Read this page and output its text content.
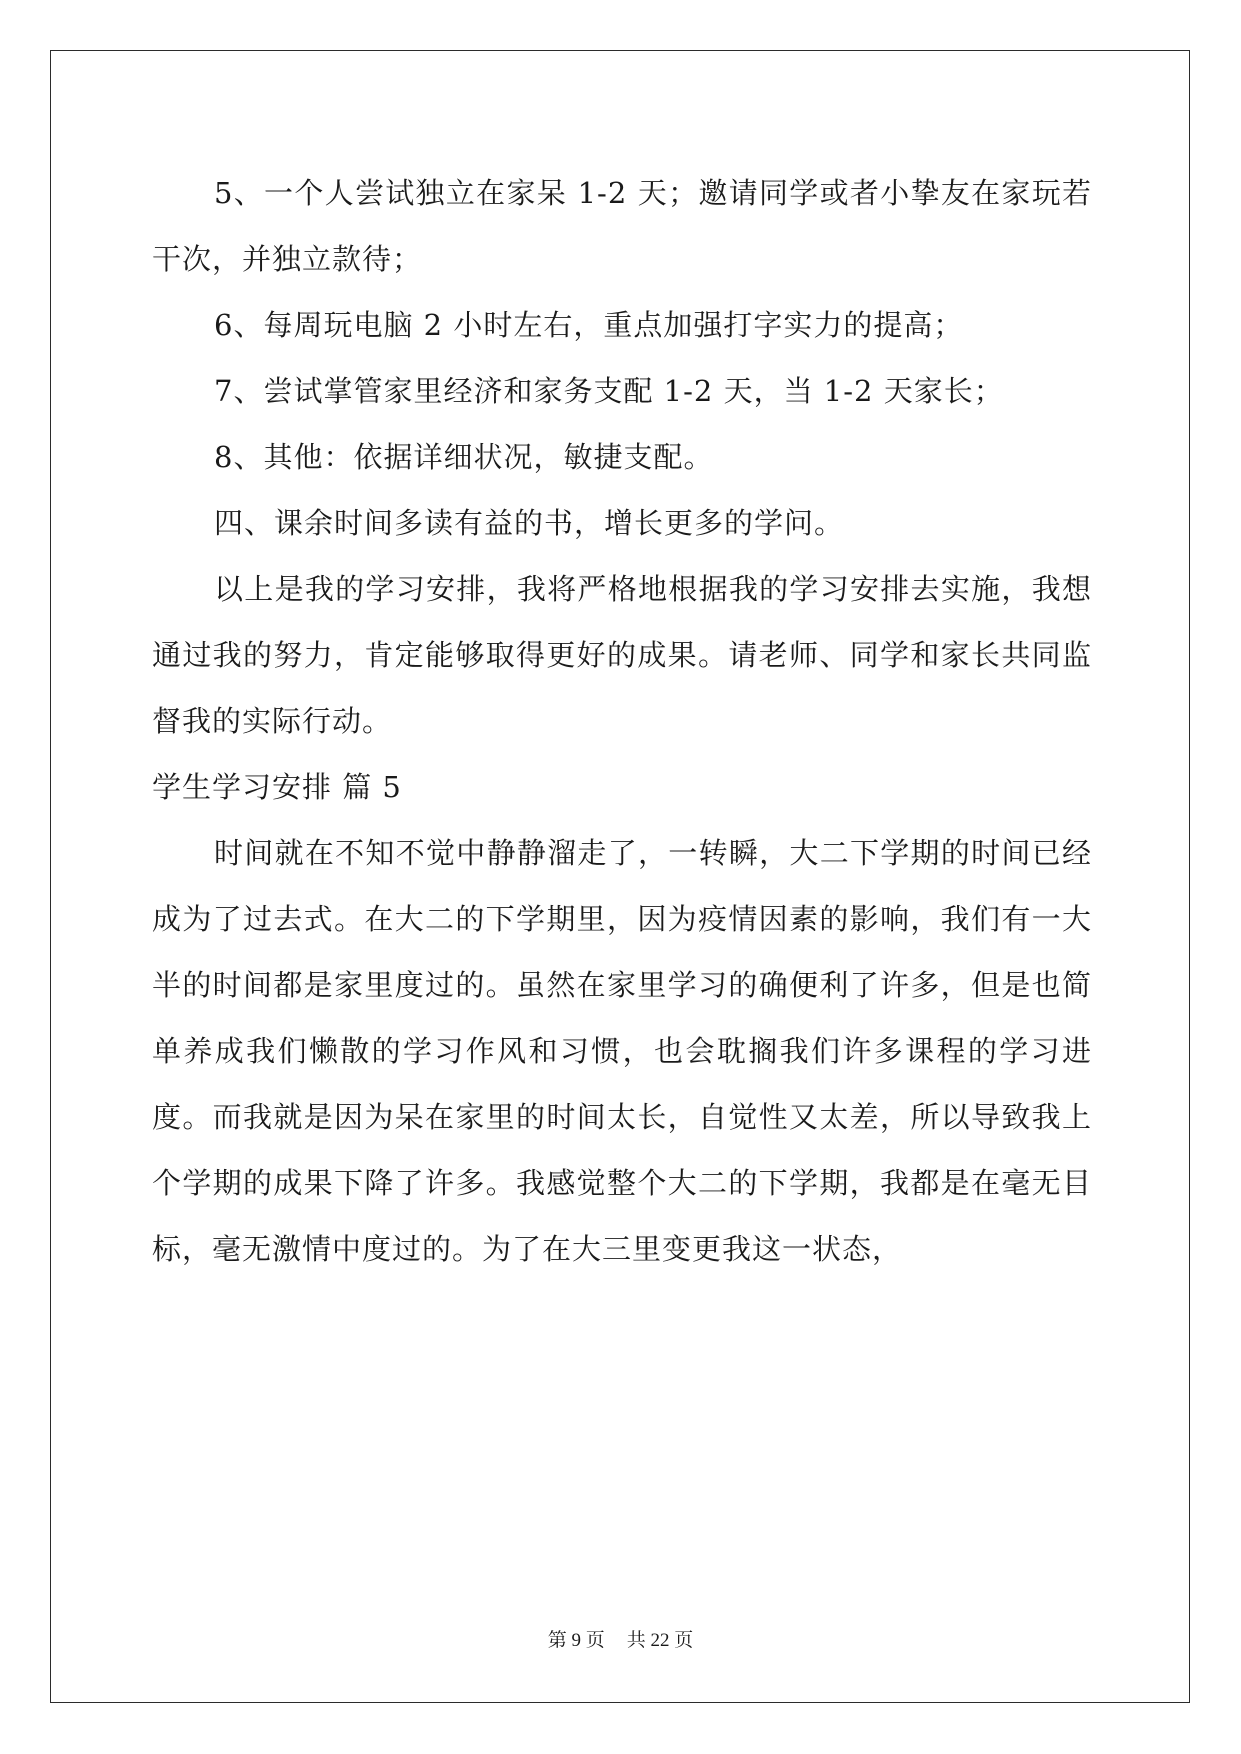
5、一个人尝试独立在家呆 1-2 天；邀请同学或者小挚友在家玩若干次，并独立款待；

6、每周玩电脑 2 小时左右，重点加强打字实力的提高；

7、尝试掌管家里经济和家务支配 1-2 天，当 1-2 天家长；

8、其他：依据详细状况，敏捷支配。

四、课余时间多读有益的书，增长更多的学问。

以上是我的学习安排，我将严格地根据我的学习安排去实施，我想通过我的努力，肯定能够取得更好的成果。请老师、同学和家长共同监督我的实际行动。

学生学习安排 篇 5

时间就在不知不觉中静静溜走了，一转瞬，大二下学期的时间已经成为了过去式。在大二的下学期里，因为疫情因素的影响，我们有一大半的时间都是家里度过的。虽然在家里学习的确便利了许多，但是也简单养成我们懒散的学习作风和习惯，也会耽搁我们许多课程的学习进度。而我就是因为呆在家里的时间太长，自觉性又太差，所以导致我上个学期的成果下降了许多。我感觉整个大二的下学期，我都是在毫无目标，毫无激情中度过的。为了在大三里变更我这一状态，

第 9 页 共 22 页
